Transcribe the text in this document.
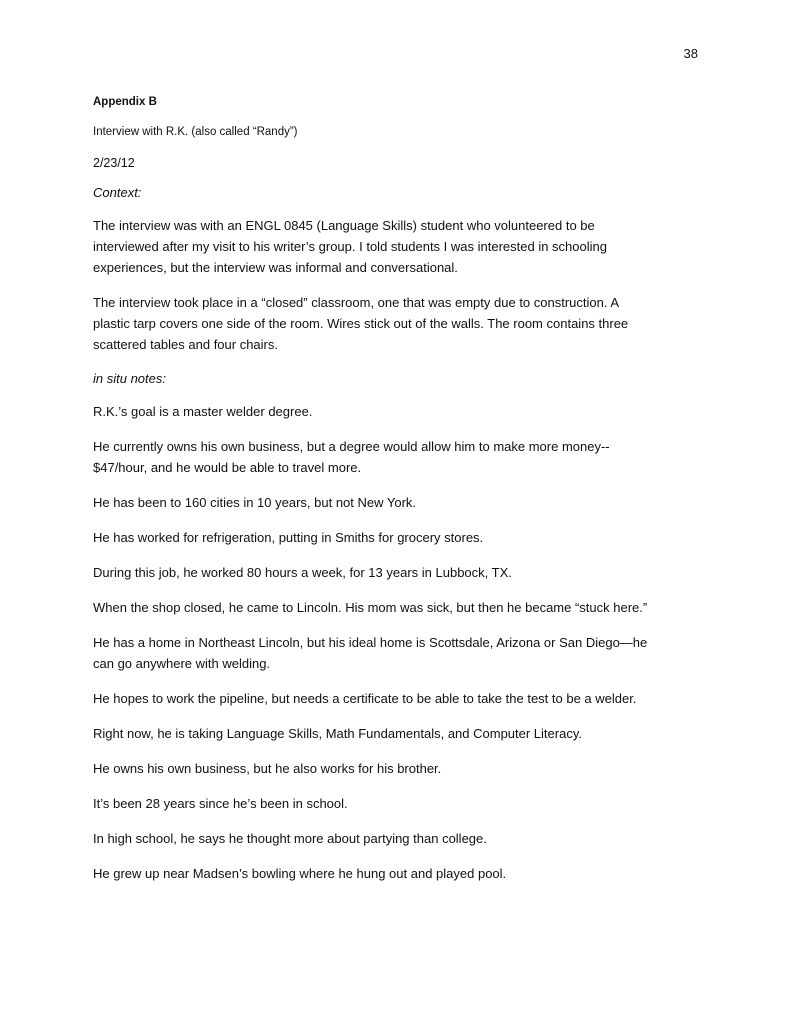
38

Appendix B

Interview with R.K. (also called “Randy”)

2/23/12

Context:

The interview was with an ENGL 0845 (Language Skills) student who volunteered to be
interviewed after my visit to his writer’s group. I told students I was interested in schooling
experiences, but the interview was informal and conversational.

The interview took place in a “closed” classroom, one that was empty due to construction. A
plastic tarp covers one side of the room. Wires stick out of the walls. The room contains three
scattered tables and four chairs.

in situ notes:

R.K.’s goal is a master welder degree.

He currently owns his own business, but a degree would allow him to make more money--
$47/hour, and he would be able to travel more.

He has been to 160 cities in 10 years, but not New York.

He has worked for refrigeration, putting in Smiths for grocery stores.

During this job, he worked 80 hours a week, for 13 years in Lubbock, TX.

When the shop closed, he came to Lincoln. His mom was sick, but then he became “stuck here.”

He has a home in Northeast Lincoln, but his ideal home is Scottsdale, Arizona or San Diego—he
can go anywhere with welding.

He hopes to work the pipeline, but needs a certificate to be able to take the test to be a welder.

Right now, he is taking Language Skills, Math Fundamentals, and Computer Literacy.

He owns his own business, but he also works for his brother.

It’s been 28 years since he’s been in school.

In high school, he says he thought more about partying than college.

He grew up near Madsen’s bowling where he hung out and played pool.
